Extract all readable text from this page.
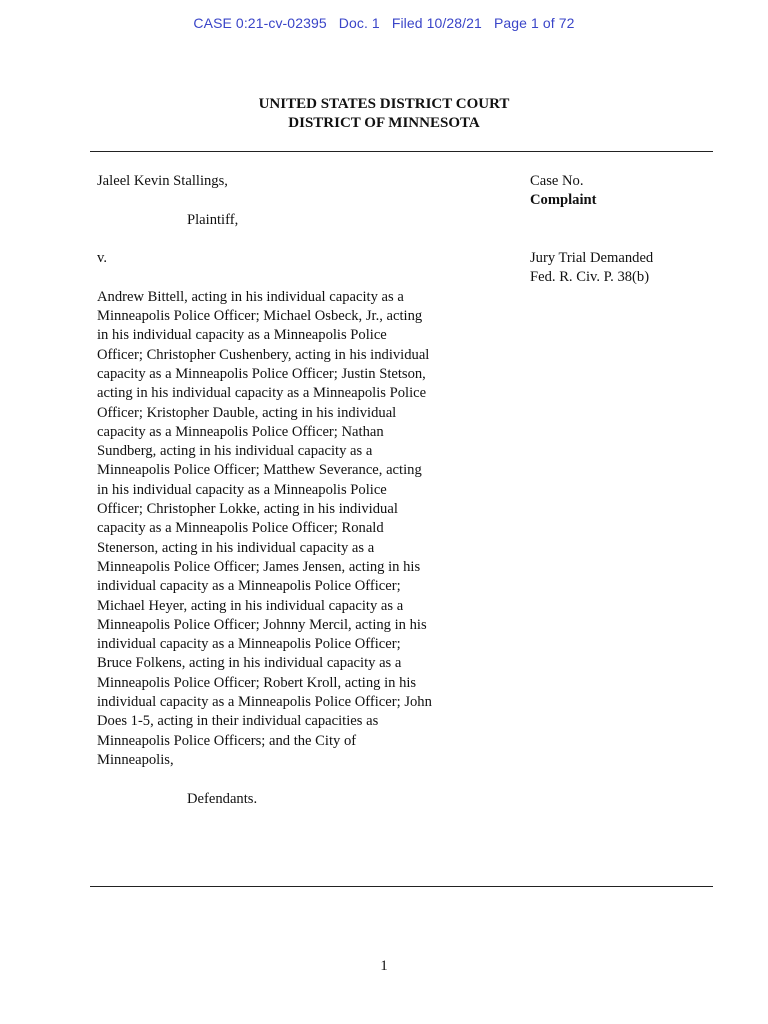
CASE 0:21-cv-02395 Doc. 1 Filed 10/28/21 Page 1 of 72
UNITED STATES DISTRICT COURT
DISTRICT OF MINNESOTA

Jaleel Kevin Stallings,

Plaintiff,

v.

Andrew Bittell, acting in his individual capacity as a Minneapolis Police Officer; Michael Osbeck, Jr., acting in his individual capacity as a Minneapolis Police Officer; Christopher Cushenbery, acting in his individual capacity as a Minneapolis Police Officer; Justin Stetson, acting in his individual capacity as a Minneapolis Police Officer; Kristopher Dauble, acting in his individual capacity as a Minneapolis Police Officer; Nathan Sundberg, acting in his individual capacity as a Minneapolis Police Officer; Matthew Severance, acting in his individual capacity as a Minneapolis Police Officer; Christopher Lokke, acting in his individual capacity as a Minneapolis Police Officer; Ronald Stenerson, acting in his individual capacity as a Minneapolis Police Officer; James Jensen, acting in his individual capacity as a Minneapolis Police Officer; Michael Heyer, acting in his individual capacity as a Minneapolis Police Officer; Johnny Mercil, acting in his individual capacity as a Minneapolis Police Officer; Bruce Folkens, acting in his individual capacity as a Minneapolis Police Officer; Robert Kroll, acting in his individual capacity as a Minneapolis Police Officer; John Does 1-5, acting in their individual capacities as Minneapolis Police Officers; and the City of Minneapolis,

Defendants.

Case No.
Complaint
Jury Trial Demanded
Fed. R. Civ. P. 38(b)
1
